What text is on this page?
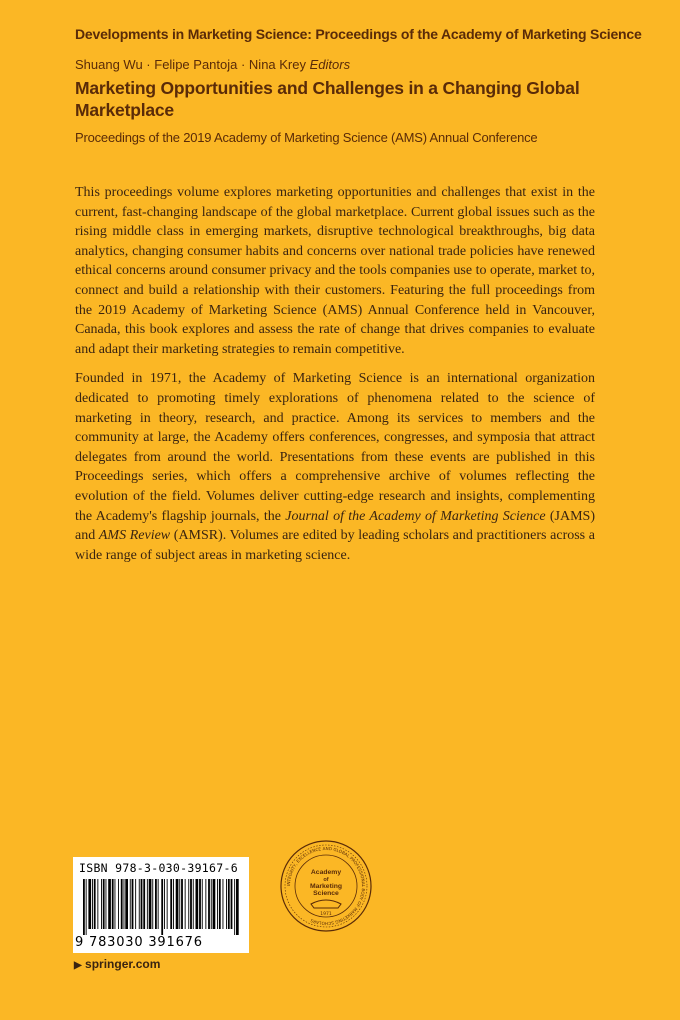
Developments in Marketing Science: Proceedings of the Academy of Marketing Science
Shuang Wu · Felipe Pantoja · Nina Krey Editors
Marketing Opportunities and Challenges in a Changing Global Marketplace
Proceedings of the 2019 Academy of Marketing Science (AMS) Annual Conference

This proceedings volume explores marketing opportunities and challenges that exist in the current, fast-changing landscape of the global marketplace. Current global issues such as the rising middle class in emerging markets, disruptive technological breakthroughs, big data analytics, changing consumer habits and concerns over national trade policies have renewed ethical concerns around consumer privacy and the tools companies use to operate, market to, connect and build a relationship with their customers. Featuring the full proceedings from the 2019 Academy of Marketing Science (AMS) Annual Conference held in Vancouver, Canada, this book explores and assess the rate of change that drives companies to evaluate and adapt their marketing strategies to remain competitive.

Founded in 1971, the Academy of Marketing Science is an international organization dedicated to promoting timely explorations of phenomena related to the science of marketing in theory, research, and practice. Among its services to members and the community at large, the Academy offers conferences, congresses, and symposia that attract delegates from around the world. Presentations from these events are published in this Proceedings series, which offers a comprehensive archive of volumes reflecting the evolution of the field. Volumes deliver cutting-edge research and insights, complementing the Academy's flagship journals, the Journal of the Academy of Marketing Science (JAMS) and AMS Review (AMSR). Volumes are edited by leading scholars and practitioners across a wide range of subject areas in marketing science.

ISBN 978-3-030-39167-6
9 783030 391676
INTEGRITY, EXCELLENCE AND GLOBAL PROFESSIONAL BODY OF MARKETING SCHOLARS
Academy
of
Marketing
Science
1971
▶ springer.com
